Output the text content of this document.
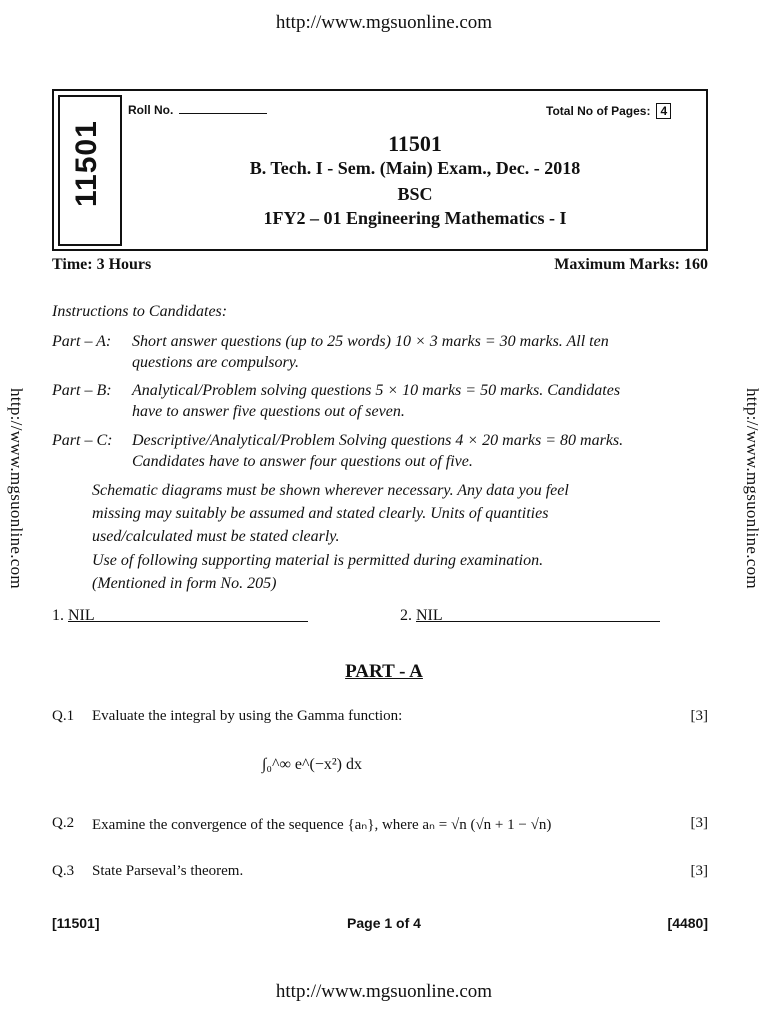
http://www.mgsuonline.com
http://www.mgsuonline.com	http://www.mgsuonline.com
http://www.mgsuonline.com
11501
Roll No.	Total No of Pages: 4
11501
B. Tech. I - Sem. (Main) Exam., Dec. - 2018
BSC
1FY2 – 01 Engineering Mathematics - I
Time: 3 Hours	Maximum Marks: 160
Instructions to Candidates:
Part – A: Short answer questions (up to 25 words) 10 × 3 marks = 30 marks. All ten
questions are compulsory.
Part – B: Analytical/Problem solving questions 5 × 10 marks = 50 marks. Candidates
have to answer five questions out of seven.
Part – C: Descriptive/Analytical/Problem Solving questions 4 × 20 marks = 80 marks.
Candidates have to answer four questions out of five.
Schematic diagrams must be shown wherever necessary. Any data you feel
missing may suitably be assumed and stated clearly. Units of quantities
used/calculated must be stated clearly.
Use of following supporting material is permitted during examination.
(Mentioned in form No. 205)
1. NIL	2. NIL
PART - A
Q.1 Evaluate the integral by using the Gamma function:	[3]
∫₀^∞ e^(−x²) dx
Q.2 Examine the convergence of the sequence {aₙ}, where aₙ = √n (√n + 1 − √n)	[3]
Q.3 State Parseval’s theorem.	[3]
[11501]	Page 1 of 4	[4480]
